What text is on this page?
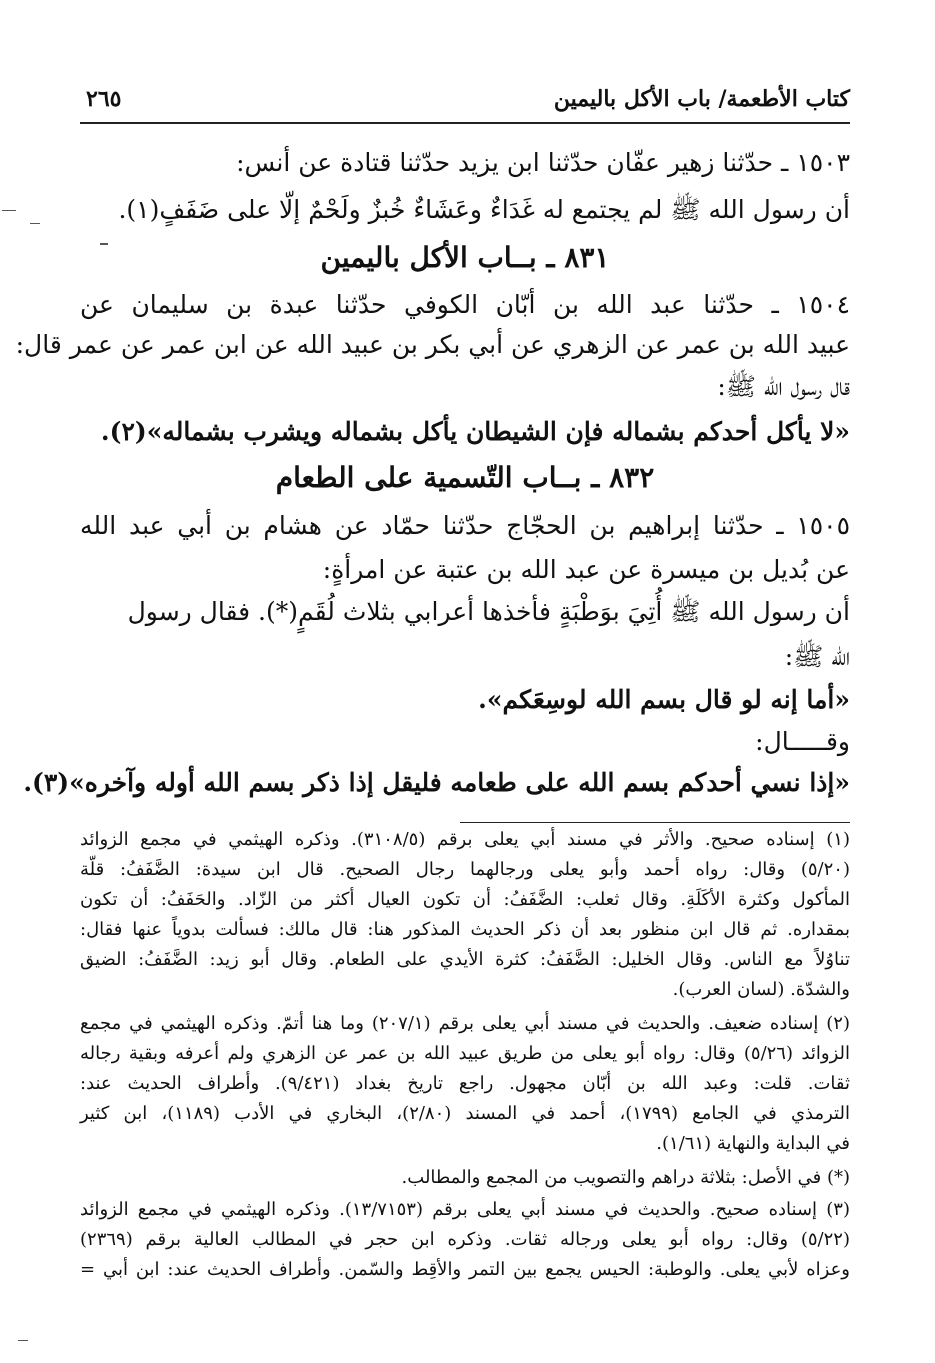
كتاب الأطعمة/ باب الأكل باليمين
٢٦٥
١٥٠٣ ـ حدّثنا زهير عفّان حدّثنا ابن يزيد حدّثنا قتادة عن أنس:
أن رسول الله ﷺ لم يجتمع له غَدَاءٌ وعَشَاءٌ خُبزٌ ولَحْمٌ إلّا على ضَفَفٍ(١).
٨٣١ ـ بــاب الأكل باليمين
١٥٠٤ ـ حدّثنا عبد الله بن أبّان الكوفي حدّثنا عبدة بن سليمان عن
عبيد الله بن عمر عن الزهري عن أبي بكر بن عبيد الله عن ابن عمر عن عمر قال:
قال رسول الله ﷺ:
«لا يأكل أحدكم بشماله فإن الشيطان يأكل بشماله ويشرب بشماله»(٢).
٨٣٢ ـ بــاب التّسمية على الطعام
١٥٠٥ ـ حدّثنا إبراهيم بن الحجّاج حدّثنا حمّاد عن هشام بن أبي عبد الله
عن بُديل بن ميسرة عن عبد الله بن عتبة عن امرأةٍ:
أن رسول الله ﷺ أُتِيَ بوَطْبَةٍ فأخذها أعرابي بثلاث لُقَمٍ(*). فقال رسول
الله ﷺ:
«أما إنه لو قال بسم الله لوسِعَكم».
وقـــــال:
«إذا نسي أحدكم بسم الله على طعامه فليقل إذا ذكر بسم الله أوله وآخره»(٣).
(١) إسناده صحيح. والأثر في مسند أبي يعلى برقم (٣١٠٨/٥). وذكره الهيثمي في مجمع الزوائد
(٥/٢٠) وقال: رواه أحمد وأبو يعلى ورجالهما رجال الصحيح. قال ابن سيدة: الضَّفَفُ: قلّة
المأكول وكثرة الأكَلَةِ. وقال ثعلب: الضَّفَفُ: أن تكون العيال أكثر من الزّاد. والحَفَفُ: أن تكون
بمقداره. ثم قال ابن منظور بعد أن ذكر الحديث المذكور هنا: قال مالك: فسألت بدوياً عنها فقال:
تناوُلاً مع الناس. وقال الخليل: الضَّفَفُ: كثرة الأيدي على الطعام. وقال أبو زيد: الضَّفَفُ: الضيق
والشدّة. (لسان العرب).
(٢) إسناده ضعيف. والحديث في مسند أبي يعلى برقم (٢٠٧/١) وما هنا أتمّ. وذكره الهيثمي في مجمع
الزوائد (٥/٢٦) وقال: رواه أبو يعلى من طريق عبيد الله بن عمر عن الزهري ولم أعرفه وبقية رجاله
ثقات. قلت: وعبد الله بن أبّان مجهول. راجع تاريخ بغداد (٩/٤٢١). وأطراف الحديث عند:
الترمذي في الجامع (١٧٩٩)، أحمد في المسند (٢/٨٠)، البخاري في الأدب (١١٨٩)، ابن كثير
في البداية والنهاية (١/٦١).
(*) في الأصل: بثلاثة دراهم والتصويب من المجمع والمطالب.
(٣) إسناده صحيح. والحديث في مسند أبي يعلى برقم (١٣/٧١٥٣). وذكره الهيثمي في مجمع الزوائد
(٥/٢٢) وقال: رواه أبو يعلى ورجاله ثقات. وذكره ابن حجر في المطالب العالية برقم (٢٣٦٩)
وعزاه لأبي يعلى. والوطبة: الحيس يجمع بين التمر والأقِط والسّمن. وأطراف الحديث عند: ابن أبي =
